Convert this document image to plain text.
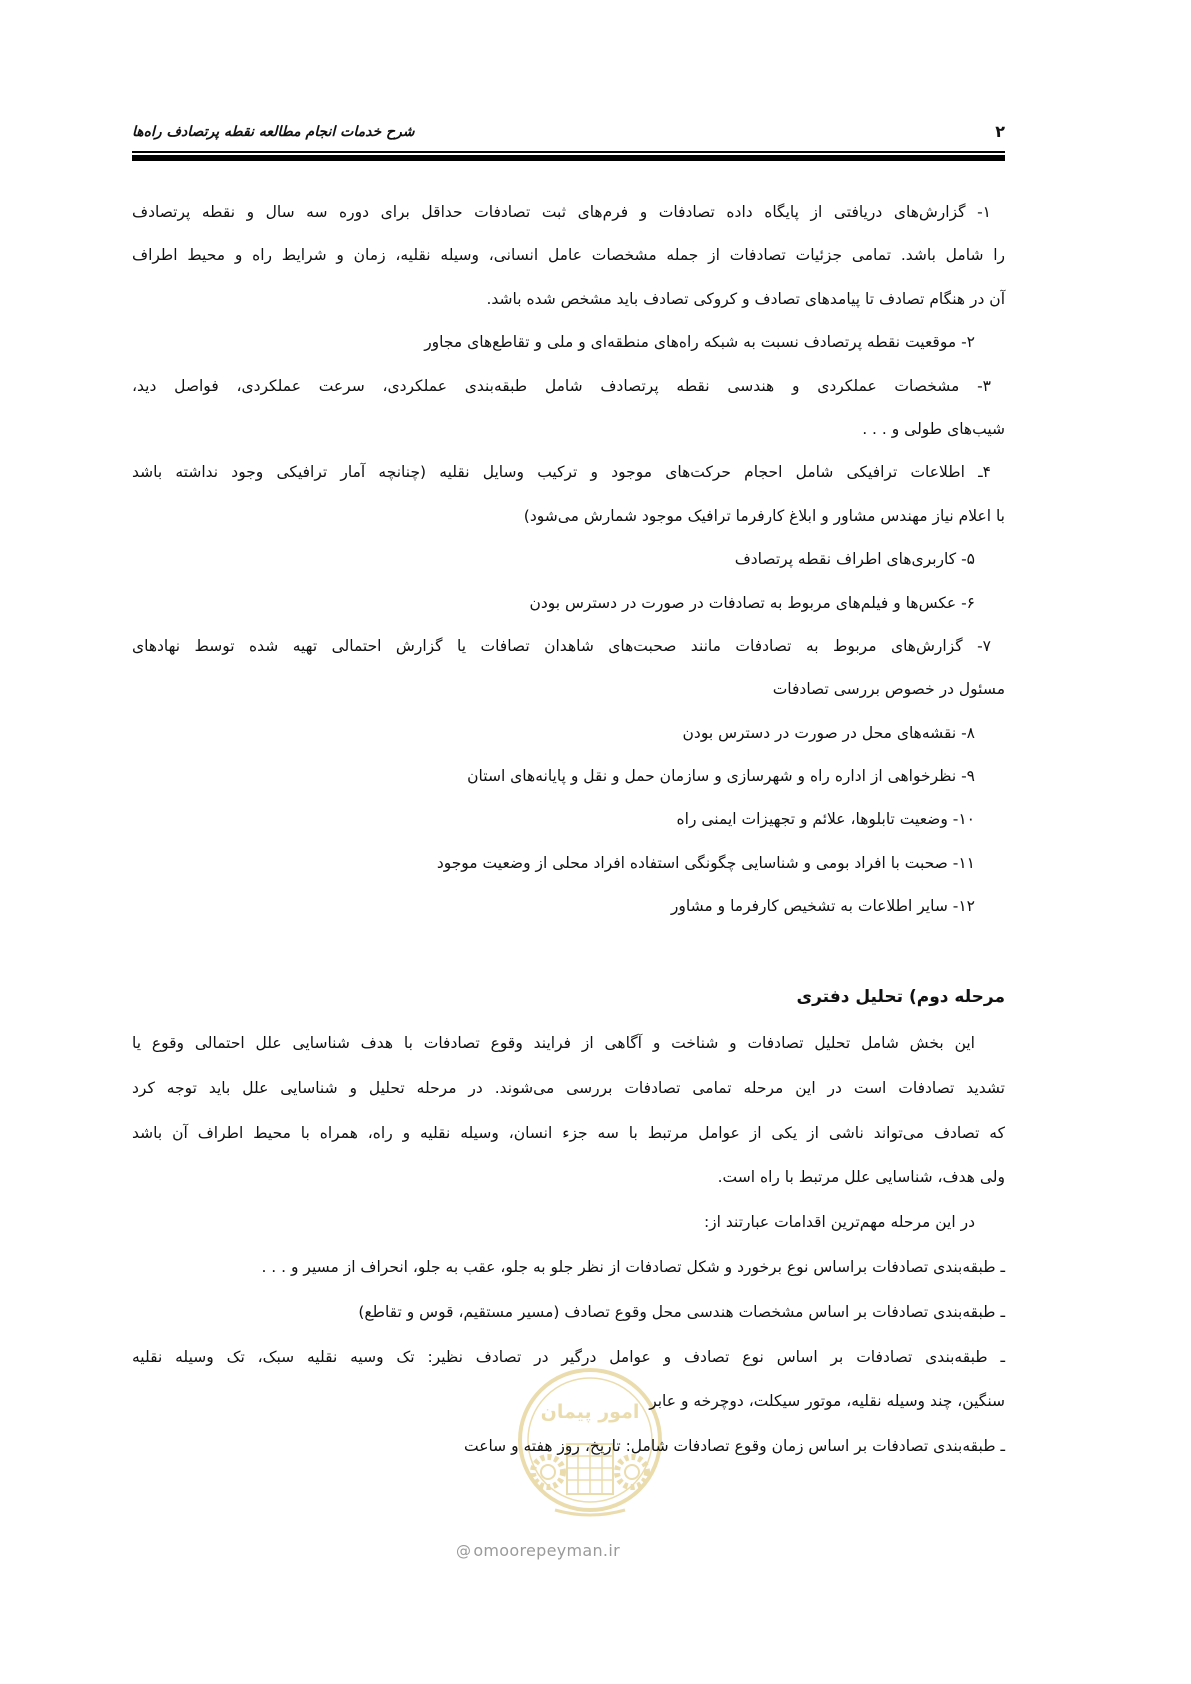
۲
شرح خدمات انجام مطالعه نقطه پرتصادف راه‌ها
۱- گزارش‌های دریافتی از پایگاه داده تصادفات و فرم‌های ثبت تصادفات حداقل برای دوره سه سال و نقطه پرتصادف
را شامل باشد. تمامی جزئیات تصادفات از جمله مشخصات عامل انسانی، وسیله نقلیه، زمان و شرایط راه و محیط اطراف
آن در هنگام تصادف تا پیامدهای تصادف و کروکی تصادف باید مشخص شده باشد.
۲- موقعیت نقطه پرتصادف نسبت به شبکه راه‌های منطقه‌ای و ملی و تقاطع‌های مجاور
۳- مشخصات عملکردی و هندسی نقطه پرتصادف شامل طبقه‌بندی عملکردی، سرعت عملکردی، فواصل دید،
شیب‌های طولی و . . .
۴ـ اطلاعات ترافیکی شامل احجام حرکت‌های موجود و ترکیب وسایل نقلیه (چنانچه آمار ترافیکی وجود نداشته باشد
با اعلام نیاز مهندس مشاور و ابلاغ کارفرما ترافیک موجود شمارش می‌شود)
۵- کاربری‌های اطراف نقطه پرتصادف
۶- عکس‌ها و فیلم‌های مربوط به تصادفات در صورت در دسترس بودن
۷- گزارش‌های مربوط به تصادفات مانند صحبت‌های شاهدان تصافات یا گزارش احتمالی تهیه شده توسط نهادهای
مسئول در خصوص بررسی تصادفات
۸- نقشه‌های محل در صورت در دسترس بودن
۹- نظرخواهی از اداره راه و شهرسازی و سازمان حمل و نقل و پایانه‌های استان
۱۰- وضعیت تابلوها، علائم و تجهیزات ایمنی راه
۱۱- صحبت با افراد بومی و شناسایی چگونگی استفاده افراد محلی از وضعیت موجود
۱۲- سایر اطلاعات به تشخیص کارفرما و مشاور
مرحله دوم) تحلیل دفتری
این بخش شامل تحلیل تصادفات و شناخت و آگاهی از فرایند وقوع تصادفات با هدف شناسایی علل احتمالی وقوع یا
تشدید تصادفات است در این مرحله تمامی تصادفات بررسی می‌شوند. در مرحله تحلیل و شناسایی علل باید توجه کرد
که تصادف می‌تواند ناشی از یکی از عوامل مرتبط با سه جزء انسان، وسیله نقلیه و راه، همراه با محیط اطراف آن باشد
ولی هدف، شناسایی علل مرتبط با راه است.
در این مرحله مهم‌ترین اقدامات عبارتند از:
ـ طبقه‌بندی تصادفات براساس نوع برخورد و شکل تصادفات از نظر جلو به جلو، عقب به جلو، انحراف از مسیر و . . .
ـ طبقه‌بندی تصادفات بر اساس مشخصات هندسی محل وقوع تصادف (مسیر مستقیم، قوس و تقاطع)
ـ طبقه‌بندی تصادفات بر اساس نوع تصادف و عوامل درگیر در تصادف نظیر: تک وسیه نقلیه سبک، تک وسیله نقلیه
سنگین، چند وسیله نقلیه، موتور سیکلت، دوچرخه و عابر
ـ طبقه‌بندی تصادفات بر اساس زمان وقوع تصادفات شامل: تاریخ، روز هفته و ساعت
امور پیمان
@ omoorepeyman.ir
